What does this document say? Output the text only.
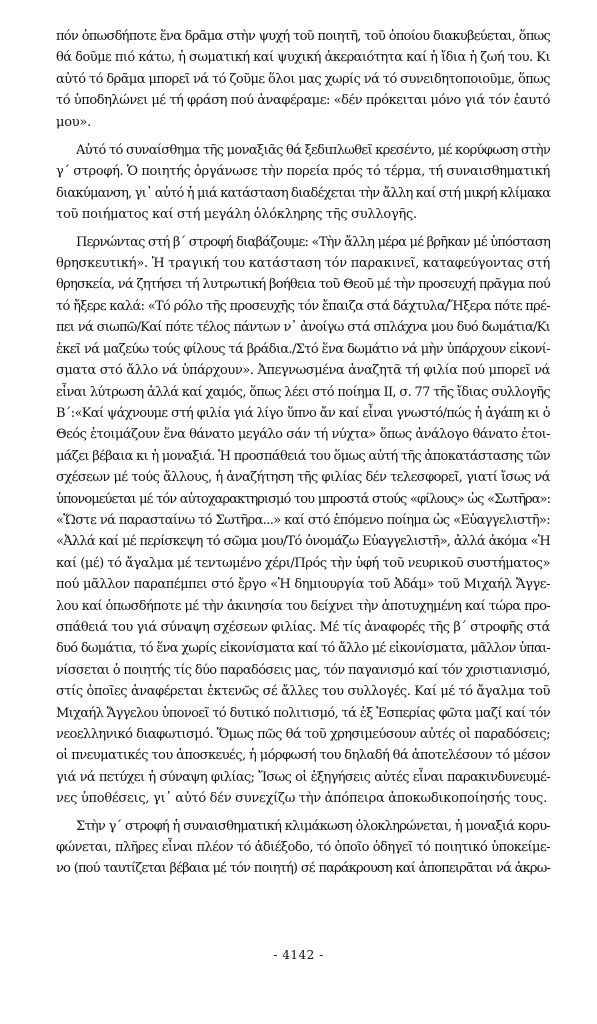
πόν ὁπωσδήποτε ἕνα δρᾶμα στὴν ψυχή τοῦ ποιητῆ, τοῦ ὁποίου διακυβεύεται, ὅπως
θά δοῦμε πιό κάτω, ἡ σωματική καί ψυχική ἀκεραιότητα καί ἡ ἴδια ἡ ζωή του. Κι
αὐτό τό δρᾶμα μπορεῖ νά τό ζοῦμε ὅλοι μας χωρίς νά τό συνειδητοποιοῦμε, ὅπως
τό ὑποδηλώνει μέ τή φράση πού ἀναφέραμε: «δέν πρόκειται μόνο γιά τόν ἑαυτό
μου».

Αὐτό τό συναίσθημα τῆς μοναξιᾶς θά ξεδιπλωθεῖ κρεσέντο, μέ κορύφωση στὴν
γ΄ στροφή. Ὁ ποιητής ὀργάνωσε τὴν πορεία πρός τό τέρμα, τή συναισθηματική
διακύμανση, γι᾽ αὐτό ἡ μιά κατάσταση διαδέχεται τὴν ἄλλη καί στή μικρή κλίμακα
τοῦ ποιήματος καί στή μεγάλη ὁλόκληρης τῆς συλλογῆς.

Περνώντας στή β΄ στροφή διαβάζουμε: «Τὴν ἄλλη μέρα μέ βρῆκαν μέ ὑπόσταση
θρησκευτική». Ἡ τραγική του κατάσταση τόν παρακινεῖ, καταφεύγοντας στή
θρησκεία, νά ζητήσει τή λυτρωτική βοήθεια τοῦ Θεοῦ μέ τὴν προσευχή πρᾶγμα πού
τό ἤξερε καλά: «Τό ρόλο τῆς προσευχῆς τόν ἔπαιζα στά δάχτυλα/Ἤξερα πότε πρέ-
πει νά σιωπῶ/Καί πότε τέλος πάντων ν᾽ ἀνοίγω στά σπλάχνα μου δυό δωμάτια/Κι
ἐκεῖ νά μαζεύω τούς φίλους τά βράδια./Στό ἕνα δωμάτιο νά μὴν ὑπάρχουν εἰκονί-
σματα στό ἄλλο νά ὑπάρχουν». Ἀπεγνωσμένα ἀναζητᾶ τή φιλία πού μπορεῖ νά
εἶναι λύτρωση ἀλλά καί χαμός, ὅπως λέει στό ποίημα ΙΙ, σ. 77 τῆς ἴδιας συλλογῆς
Β΄:«Καί ψάχνουμε στή φιλία γιά λίγο ὕπνο ἄν καί εἶναι γνωστό/πώς ἡ ἀγάπη κι ὁ
Θεός ἑτοιμάζουν ἕνα θάνατο μεγάλο σάν τή νύχτα» ὅπως ἀνάλογο θάνατο ἑτοι-
μάζει βέβαια κι ἡ μοναξιά. Ἡ προσπάθειά του ὅμως αὐτή τῆς ἀποκατάστασης τῶν
σχέσεων μέ τούς ἄλλους, ἡ ἀναζήτηση τῆς φιλίας δέν τελεσφορεῖ, γιατί ἴσως νά
ὑπονομεύεται μέ τόν αὐτοχαρακτηρισμό του μπροστά στούς «φίλους» ὡς «Σωτῆρα»:
«Ὥστε νά παρασταίνω τό Σωτῆρα...» καί στό ἑπόμενο ποίημα ὡς «Εὐαγγελιστῆ»:
«Ἀλλά καί μέ περίσκεψη τό σῶμα μου/Τό ὀνομάζω Εὐαγγελιστῆ», ἀλλά ἀκόμα «Ἡ
καί (μέ) τό ἄγαλμα μέ τεντωμένο χέρι/Πρός τὴν ὑφή τοῦ νευρικοῦ συστήματος»
πού μᾶλλον παραπέμπει στό ἔργο «Ἡ δημιουργία τοῦ Ἀδάμ» τοῦ Μιχαήλ Ἄγγε-
λου καί ὁπωσδήποτε μέ τὴν ἀκινησία του δείχνει τὴν ἀποτυχημένη καί τώρα προ-
σπάθειά του γιά σύναψη σχέσεων φιλίας. Μέ τίς ἀναφορές τῆς β΄ στροφῆς στά
δυό δωμάτια, τό ἕνα χωρίς εἰκονίσματα καί τό ἄλλο μέ εἰκονίσματα, μᾶλλον ὑπαι-
νίσσεται ὁ ποιητής τίς δύο παραδόσεις μας, τόν παγανισμό καί τόν χριστιανισμό,
στίς ὁποῖες ἀναφέρεται ἐκτενῶς σέ ἄλλες του συλλογές. Καί μέ τό ἄγαλμα τοῦ
Μιχαήλ Ἄγγελου ὑπονοεῖ τό δυτικό πολιτισμό, τά ἐξ Ἑσπερίας φῶτα μαζί καί τόν
νεοελληνικό διαφωτισμό. Ὅμως πῶς θά τοῦ χρησιμεύσουν αὐτές οἱ παραδόσεις;
οἱ πνευματικές του ἀποσκευές, ἡ μόρφωσή του δηλαδή θά ἀποτελέσουν τό μέσον
γιά νά πετύχει ἡ σύναψη φιλίας; Ἴσως οἱ ἐξηγήσεις αὐτές εἶναι παρακινδυνευμέ-
νες ὑποθέσεις, γι᾽ αὐτό δέν συνεχίζω τὴν ἀπόπειρα ἀποκωδικοποίησής τους.

Στὴν γ΄ στροφή ἡ συναισθηματική κλιμάκωση ὁλοκληρώνεται, ἡ μοναξιά κορυ-
φώνεται, πλῆρες εἶναι πλέον τό ἀδιέξοδο, τό ὁποῖο ὁδηγεῖ τό ποιητικό ὑποκείμε-
νο (πού ταυτίζεται βέβαια μέ τόν ποιητή) σέ παράκρουση καί ἀποπειρᾶται νά ἀκρω-

- 4142 -
